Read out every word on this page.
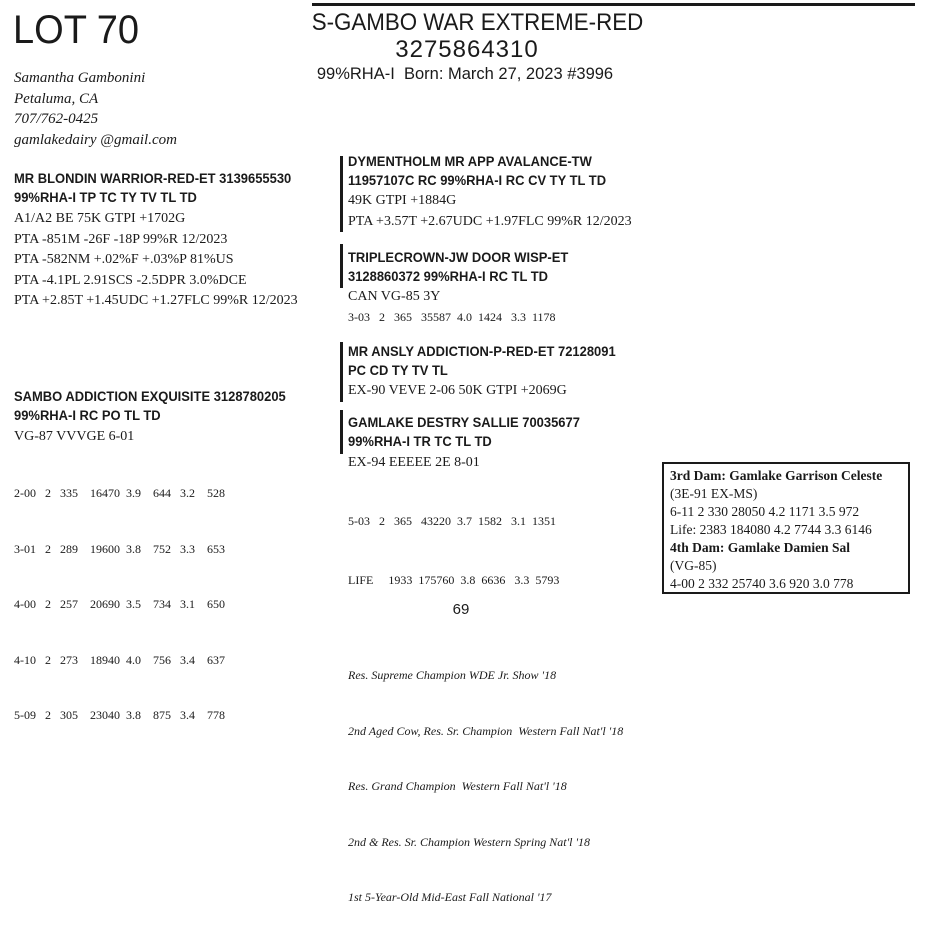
LOT 70	S-GAMBO WAR EXTREME-RED
3275864310
99%RHA-I  Born: March 27, 2023 #3996
Samantha Gambonini
Petaluma, CA
707/762-0425
gamlakedairy @gmail.com
MR BLONDIN WARRIOR-RED-ET 3139655530
99%RHA-I TP TC TY TV TL TD
A1/A2 BE 75K GTPI +1702G
PTA -851M -26F -18P 99%R 12/2023
PTA -582NM +.02%F +.03%P 81%US
PTA -4.1PL 2.91SCS -2.5DPR 3.0%DCE
PTA +2.85T +1.45UDC +1.27FLC 99%R 12/2023
SAMBO ADDICTION EXQUISITE 3128780205
99%RHA-I RC PO TL TD
VG-87 VVVGE 6-01

2-00   2   335    16470  3.9    644   3.2    528

3-01   2   289    19600  3.8    752   3.3    653

4-00   2   257    20690  3.5    734   3.1    650

4-10   2   273    18940  4.0    756   3.4    637

5-09   2   305    23040  3.8    875   3.4    778

DYMENTHOLM MR APP AVALANCE-TW
11957107C RC 99%RHA-I RC CV TY TL TD
49K GTPI +1884G
PTA +3.57T +2.67UDC +1.97FLC 99%R 12/2023
TRIPLECROWN-JW DOOR WISP-ET
3128860372 99%RHA-I RC TL TD
CAN VG-85 3Y
3-03   2   365   35587  4.0  1424   3.3  1178
MR ANSLY ADDICTION-P-RED-ET 72128091
PC CD TY TV TL
EX-90 VEVE 2-06 50K GTPI +2069G
GAMLAKE DESTRY SALLIE 70035677
99%RHA-I TR TC TL TD
EX-94 EEEEE 2E 8-01

5-03   2   365   43220  3.7  1582   3.1  1351

LIFE     1933  175760  3.8  6636   3.3  5793

Res. Supreme Champion WDE Jr. Show '18

2nd Aged Cow, Res. Sr. Champion  Western Fall Nat'l '18

Res. Grand Champion  Western Fall Nat'l '18

2nd & Res. Sr. Champion Western Spring Nat'l '18

1st 5-Year-Old Mid-East Fall National '17

3rd Dam: Gamlake Garrison Celeste
(3E-91 EX-MS)
6-11 2 330 28050 4.2 1171 3.5 972
Life: 2383 184080 4.2 7744 3.3 6146
4th Dam: Gamlake Damien Sal
(VG-85)
4-00 2 332 25740 3.6 920 3.0 778
69
